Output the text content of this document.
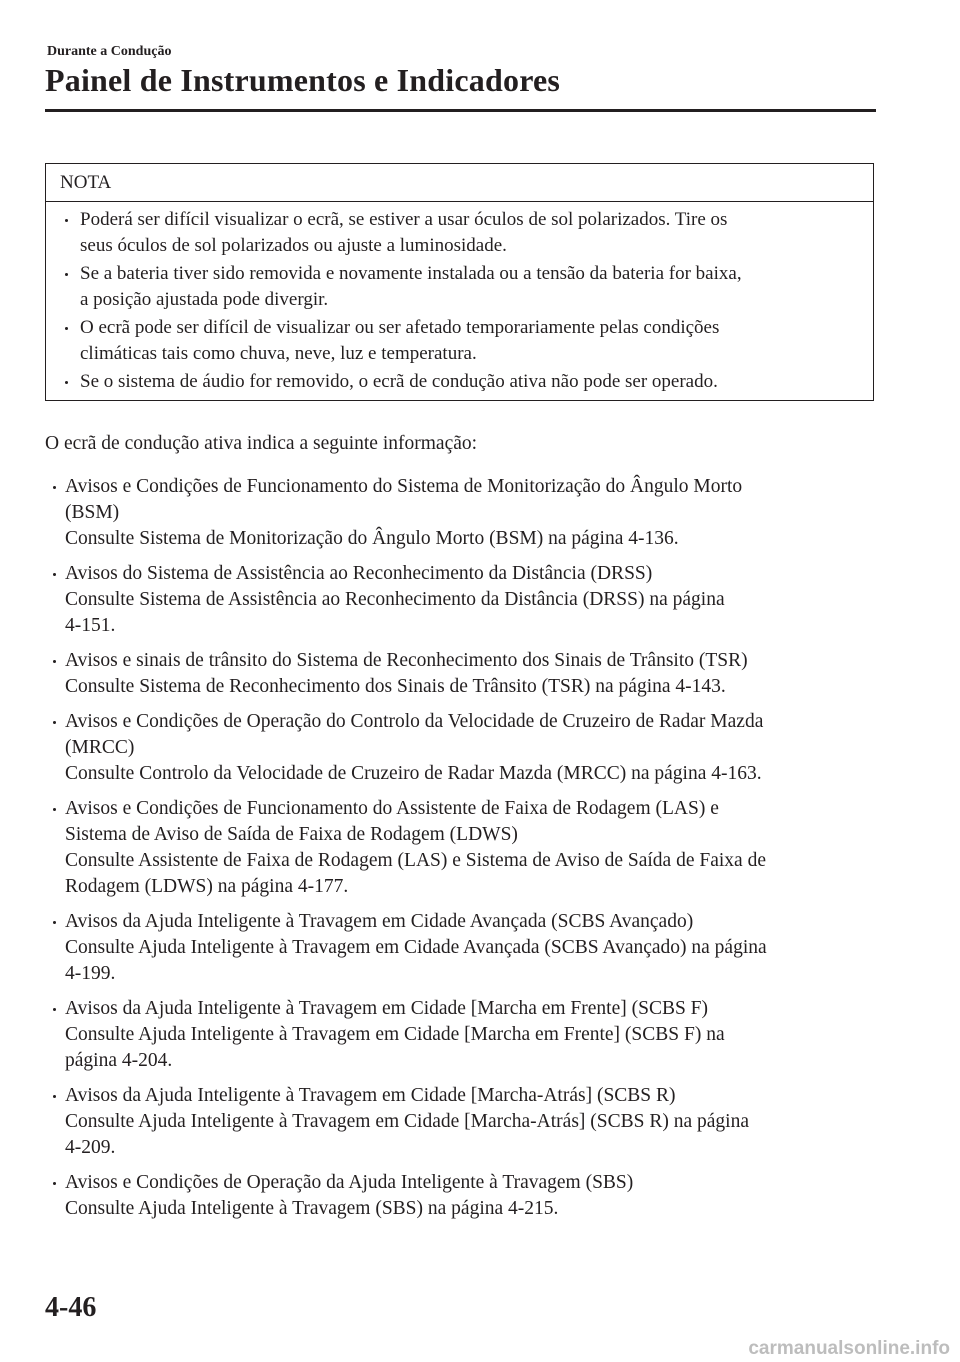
Durante a Condução
Painel de Instrumentos e Indicadores
NOTA
Poderá ser difícil visualizar o ecrã, se estiver a usar óculos de sol polarizados. Tire os
seus óculos de sol polarizados ou ajuste a luminosidade.
Se a bateria tiver sido removida e novamente instalada ou a tensão da bateria for baixa,
a posição ajustada pode divergir.
O ecrã pode ser difícil de visualizar ou ser afetado temporariamente pelas condições
climáticas tais como chuva, neve, luz e temperatura.
Se o sistema de áudio for removido, o ecrã de condução ativa não pode ser operado.
O ecrã de condução ativa indica a seguinte informação:
Avisos e Condições de Funcionamento do Sistema de Monitorização do Ângulo Morto
(BSM)
Consulte Sistema de Monitorização do Ângulo Morto (BSM) na página 4-136.
Avisos do Sistema de Assistência ao Reconhecimento da Distância (DRSS)
Consulte Sistema de Assistência ao Reconhecimento da Distância (DRSS) na página
4-151.
Avisos e sinais de trânsito do Sistema de Reconhecimento dos Sinais de Trânsito (TSR)
Consulte Sistema de Reconhecimento dos Sinais de Trânsito (TSR) na página 4-143.
Avisos e Condições de Operação do Controlo da Velocidade de Cruzeiro de Radar Mazda
(MRCC)
Consulte Controlo da Velocidade de Cruzeiro de Radar Mazda (MRCC) na página 4-163.
Avisos e Condições de Funcionamento do Assistente de Faixa de Rodagem (LAS) e
Sistema de Aviso de Saída de Faixa de Rodagem (LDWS)
Consulte Assistente de Faixa de Rodagem (LAS) e Sistema de Aviso de Saída de Faixa de
Rodagem (LDWS) na página 4-177.
Avisos da Ajuda Inteligente à Travagem em Cidade Avançada (SCBS Avançado)
Consulte Ajuda Inteligente à Travagem em Cidade Avançada (SCBS Avançado) na página
4-199.
Avisos da Ajuda Inteligente à Travagem em Cidade [Marcha em Frente] (SCBS F)
Consulte Ajuda Inteligente à Travagem em Cidade [Marcha em Frente] (SCBS F) na
página 4-204.
Avisos da Ajuda Inteligente à Travagem em Cidade [Marcha-Atrás] (SCBS R)
Consulte Ajuda Inteligente à Travagem em Cidade [Marcha-Atrás] (SCBS R) na página
4-209.
Avisos e Condições de Operação da Ajuda Inteligente à Travagem (SBS)
Consulte Ajuda Inteligente à Travagem (SBS) na página 4-215.
4-46
carmanualsonline.info
